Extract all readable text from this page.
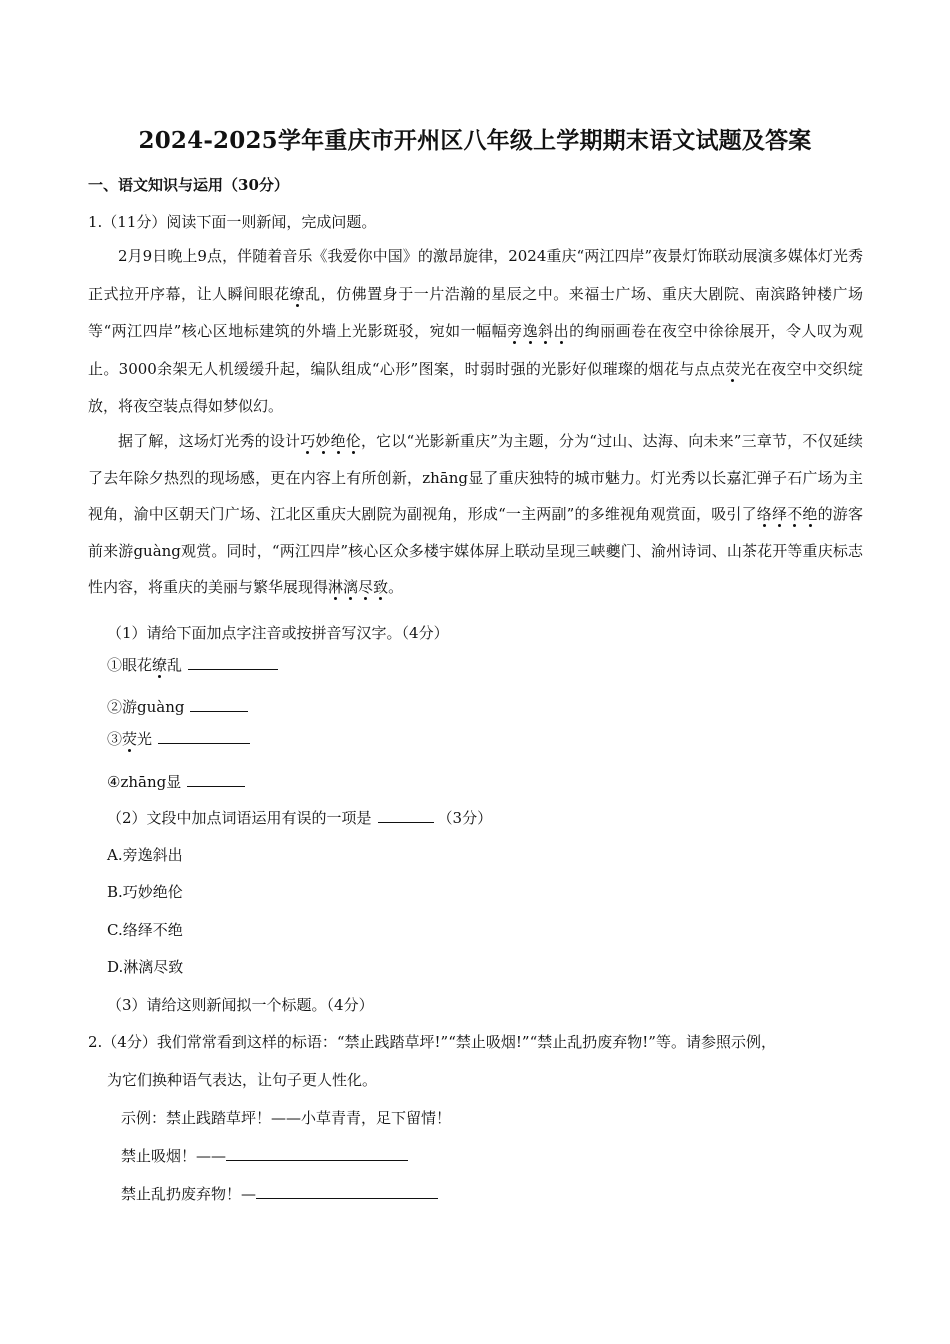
2024-2025学年重庆市开州区八年级上学期期末语文试题及答案
一、语文知识与运用（30分）
1.（11分）阅读下面一则新闻，完成问题。
2月9日晚上9点，伴随着音乐《我爱你中国》的激昂旋律，2024重庆“两江四岸”夜景灯饰联动展演多媒体灯光秀正式拉开序幕，让人瞬间眼花缭乱，仿佛置身于一片浩瀚的星辰之中。来福士广场、重庆大剧院、南滨路钟楼广场等“两江四岸”核心区地标建筑的外墙上光影斑驳，宛如一幅幅旁逸斜出的绚丽画卷在夜空中徐徐展开，令人叹为观止。3000余架无人机缓缓升起，编队组成“心形”图案，时弱时强的光影好似璀璨的烟花与点点荧光在夜空中交织绽放，将夜空装点得如梦似幻。
据了解，这场灯光秀的设计巧妙绝伦，它以“光影新重庆”为主题，分为“过山、达海、向未来”三章节，不仅延续了去年除夕热烈的现场感，更在内容上有所创新，zhāng显了重庆独特的城市魅力。灯光秀以长嘉汇弹子石广场为主视角，渝中区朝天门广场、江北区重庆大剧院为副视角，形成“一主两副”的多维视角观赏面，吸引了络绎不绝的游客前来游guàng观赏。同时，“两江四岸”核心区众多楼宇媒体屏上联动呈现三峡夔门、渝州诗词、山茶花开等重庆标志性内容，将重庆的美丽与繁华展现得淋漓尽致。
（1）请给下面加点字注音或按拼音写汉字。（4分）
①眼花缭乱
②游guàng
③荧光
④zhāng显
（2）文段中加点词语运用有误的一项是	（3分）
A.旁逸斜出
B.巧妙绝伦
C.络绎不绝
D.淋漓尽致
（3）请给这则新闻拟一个标题。（4分）
2.（4分）我们常常看到这样的标语：“禁止践踏草坪!”“禁止吸烟!”“禁止乱扔废弃物!”等。请参照示例，
为它们换种语气表达，让句子更人性化。
示例：禁止践踏草坪！——小草青青，足下留情！
禁止吸烟！——
禁止乱扔废弃物！—
